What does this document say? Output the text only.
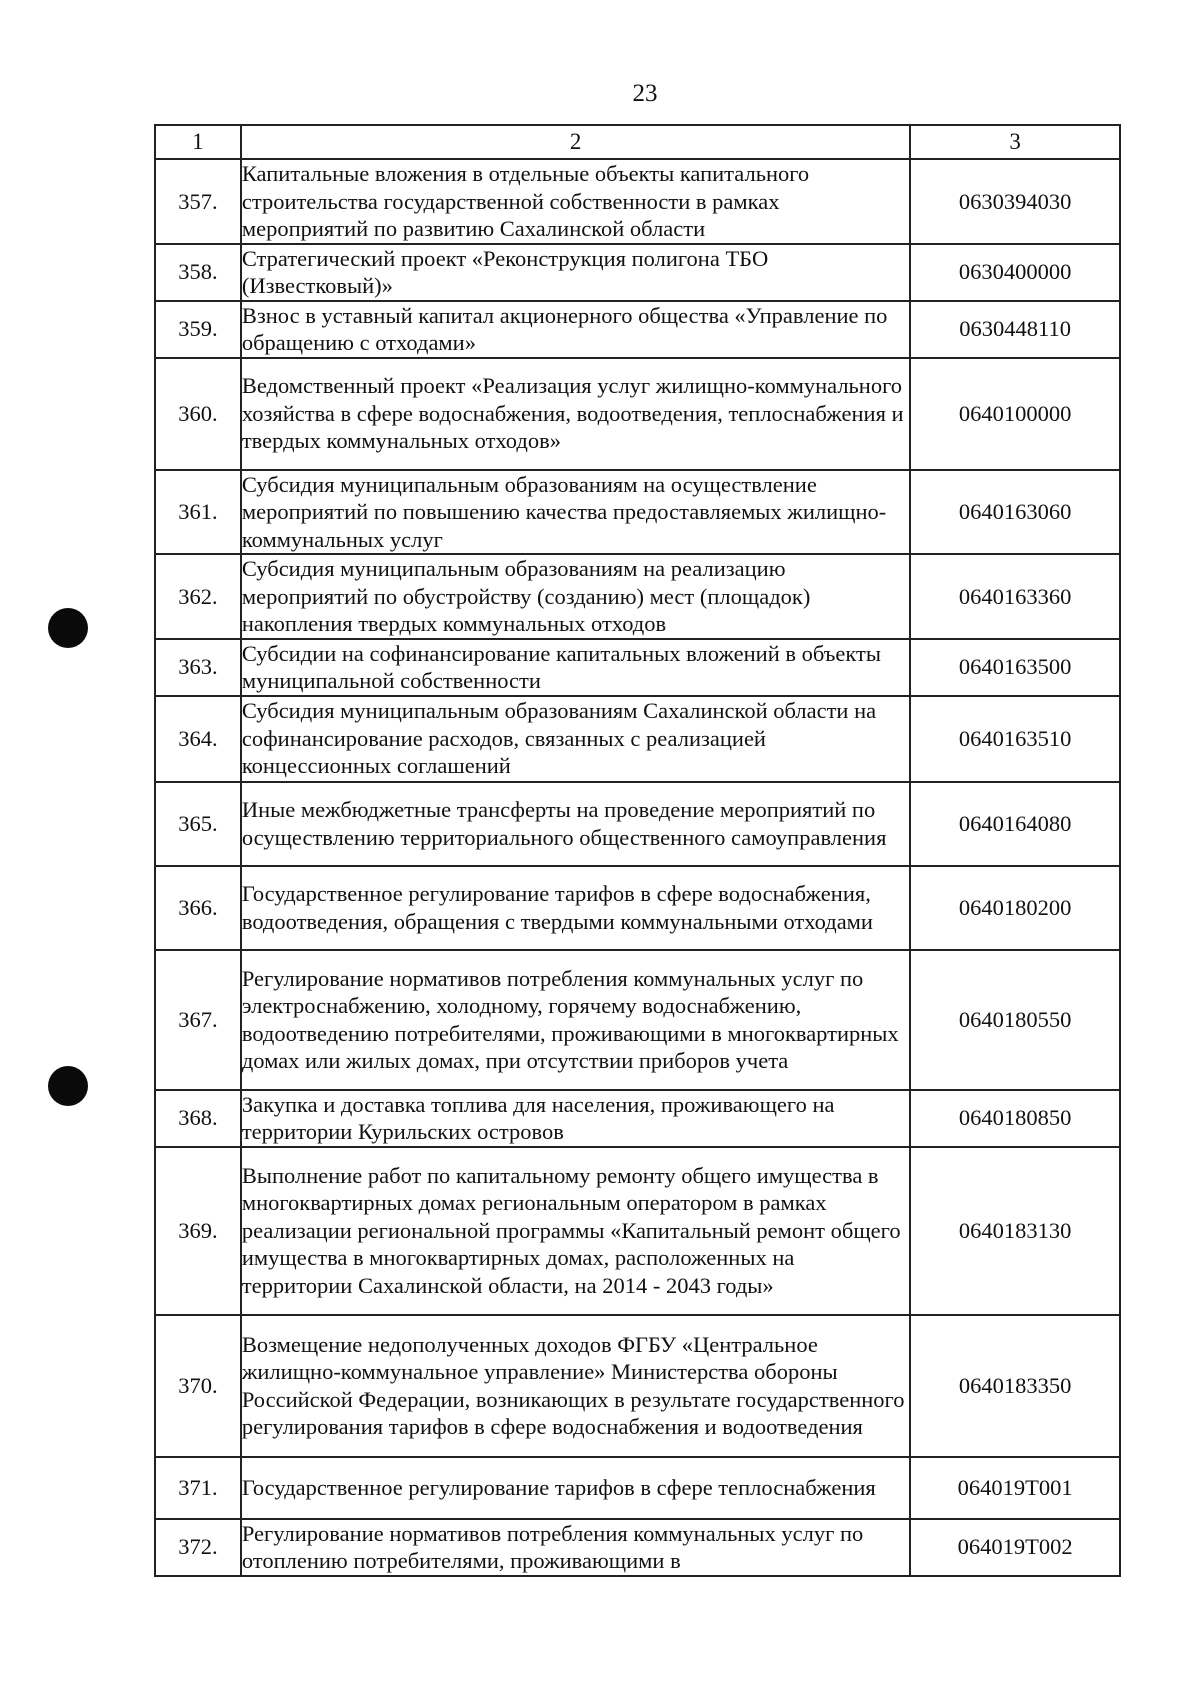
23
1	2	3
357.	Капитальные вложения в отдельные объекты капитального строительства государственной собственности в рамках мероприятий по развитию Сахалинской области	0630394030
358.	Стратегический проект «Реконструкция полигона ТБО (Известковый)»	0630400000
359.	Взнос в уставный капитал акционерного общества «Управление по обращению с отходами»	0630448110
360.	Ведомственный проект «Реализация услуг жилищно-коммунального хозяйства в сфере водоснабжения, водоотведения, теплоснабжения и твердых коммунальных отходов»	0640100000
361.	Субсидия муниципальным образованиям на осуществление мероприятий по повышению качества предоставляемых жилищно-коммунальных услуг	0640163060
362.	Субсидия муниципальным образованиям на реализацию мероприятий по обустройству (созданию) мест (площадок) накопления твердых коммунальных отходов	0640163360
363.	Субсидии на софинансирование капитальных вложений в объекты муниципальной собственности	0640163500
364.	Субсидия муниципальным образованиям Сахалинской области на софинансирование расходов, связанных с реализацией концессионных соглашений	0640163510
365.	Иные межбюджетные трансферты на проведение мероприятий по осуществлению территориального общественного самоуправления	0640164080
366.	Государственное регулирование тарифов в сфере водоснабжения, водоотведения, обращения с твердыми коммунальными отходами	0640180200
367.	Регулирование нормативов потребления коммунальных услуг по электроснабжению, холодному, горячему водоснабжению, водоотведению потребителями, проживающими в многоквартирных домах или жилых домах, при отсутствии приборов учета	0640180550
368.	Закупка и доставка топлива для населения, проживающего на территории Курильских островов	0640180850
369.	Выполнение работ по капитальному ремонту общего имущества в многоквартирных домах региональным оператором в рамках реализации региональной программы «Капитальный ремонт общего имущества в многоквартирных домах, расположенных на территории Сахалинской области, на 2014 - 2043 годы»	0640183130
370.	Возмещение недополученных доходов ФГБУ «Центральное жилищно-коммунальное управление» Министерства обороны Российской Федерации, возникающих в результате государственного регулирования тарифов в сфере водоснабжения и водоотведения	0640183350
371.	Государственное регулирование тарифов в сфере теплоснабжения	064019Т001
372.	Регулирование нормативов потребления коммунальных услуг по отоплению потребителями, проживающими в	064019Т002
